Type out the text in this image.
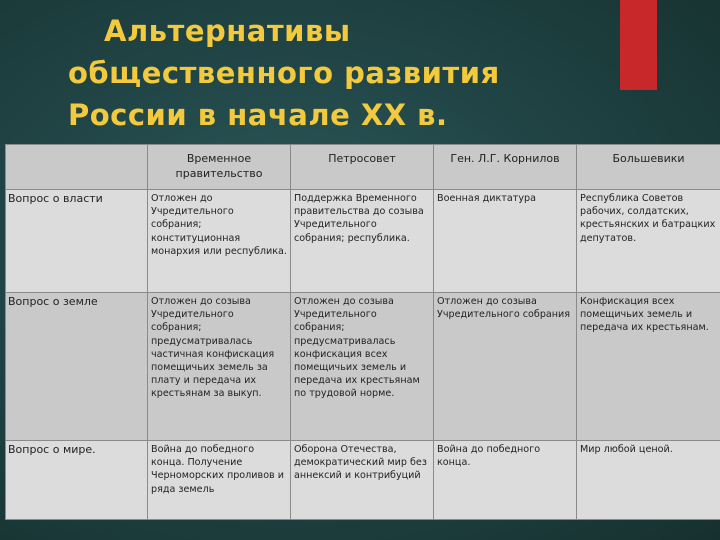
Альтернативы
общественного развития
России в начале XX в.
	Временное правительство	Петросовет	Ген. Л.Г. Корнилов	Большевики
Вопрос о власти	Отложен до Учредительного собрания; конституционная монархия или республика.	Поддержка Временного правительства до созыва Учредительного собрания; республика.	Военная диктатура	Республика Советов рабочих, солдатских, крестьянских и батрацких депутатов.
Вопрос о земле	Отложен до созыва Учредительного собрания; предусматривалась частичная конфискация помещичьих земель за плату и передача их крестьянам за выкуп.	Отложен до созыва Учредительного собрания; предусматривалась конфискация всех помещичьих земель и передача их крестьянам по трудовой норме.	Отложен до созыва Учредительного собрания	Конфискация всех помещичьих земель и передача их крестьянам.
Вопрос о мире.	Война до победного конца. Получение Черноморских проливов и ряда земель	Оборона Отечества, демократический мир без аннексий и контрибуций	Война до победного конца.	Мир любой ценой.
